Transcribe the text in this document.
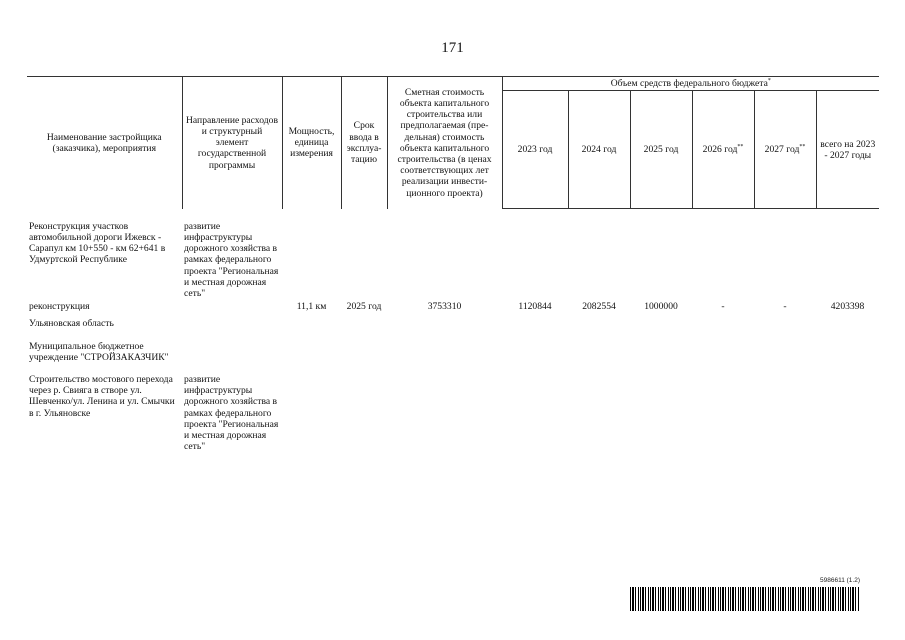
171
Наименование застройщика (заказчика), мероприятия	Направление расходов и структурный элемент государственной программы	Мощность, единица измерения	Срок ввода в эксплуа-тацию	Сметная стоимость объекта капитального строительства или предполагаемая (пре-дельная) стоимость объекта капитального строительства (в ценах соответствующих лет реализации инвести-ционного проекта)	Объем средств федерального бюджета*
					2023 год	2024 год	2025 год	2026 год**	2027 год**	всего на 2023 - 2027 годы

Реконструкция участков автомобильной дороги Ижевск - Сарапул км 10+550 - км 62+641 в Удмуртской Республике	развитие инфраструктуры дорожного хозяйства в рамках федерального проекта "Региональная и местная дорожная сеть"									
реконструкция		11,1 км	2025 год	3753310	1120844	2082554	1000000	-	-	4203398
Ульяновская область										
Муниципальное бюджетное учреждение "СТРОЙЗАКАЗЧИК"										
Строительство мостового перехода через р. Свияга в створе ул. Шевченко/ул. Ленина и ул. Смычки в г. Ульяновске	развитие инфраструктуры дорожного хозяйства в рамках федерального проекта "Региональная и местная дорожная сеть"									
5986611 (1.2)
